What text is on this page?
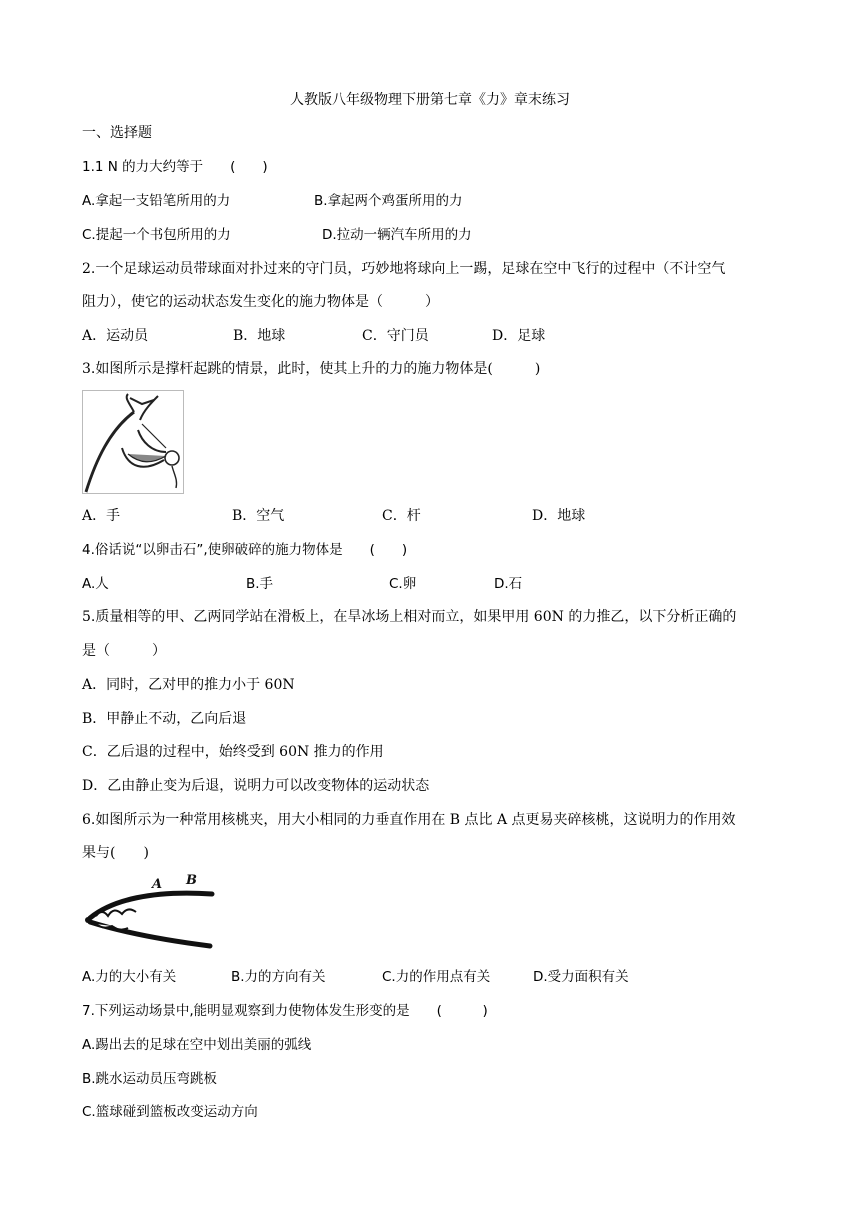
人教版八年级物理下册第七章《力》章末练习
一、选择题
1.1 N 的力大约等于　　(　　)
A.拿起一支铅笔所用的力	B.拿起两个鸡蛋所用的力
C.提起一个书包所用的力	D.拉动一辆汽车所用的力
2.一个足球运动员带球面对扑过来的守门员，巧妙地将球向上一踢，足球在空中飞行的过程中（不计空气
阻力），使它的运动状态发生变化的施力物体是（　　　）
A．运动员	B．地球	C．守门员	D．足球
3.如图所示是撑杆起跳的情景，此时，使其上升的力的施力物体是(　　　)
A．手	B．空气	C．杆	D．地球
4.俗话说“以卵击石”,使卵破碎的施力物体是　　(　　)
A.人	B.手	C.卵	D.石
5.质量相等的甲、乙两同学站在滑板上，在旱冰场上相对而立，如果甲用 60N 的力推乙，以下分析正确的
是（　　　）
A．同时，乙对甲的推力小于 60N
B．甲静止不动，乙向后退
C．乙后退的过程中，始终受到 60N 推力的作用
D．乙由静止变为后退，说明力可以改变物体的运动状态
6.如图所示为一种常用核桃夹，用大小相同的力垂直作用在 B 点比 A 点更易夹碎核桃，这说明力的作用效
果与(　　)
A B
A.力的大小有关	B.力的方向有关	C.力的作用点有关	D.受力面积有关
7.下列运动场景中,能明显观察到力使物体发生形变的是　　(　　　)
A.踢出去的足球在空中划出美丽的弧线
B.跳水运动员压弯跳板
C.篮球碰到篮板改变运动方向
